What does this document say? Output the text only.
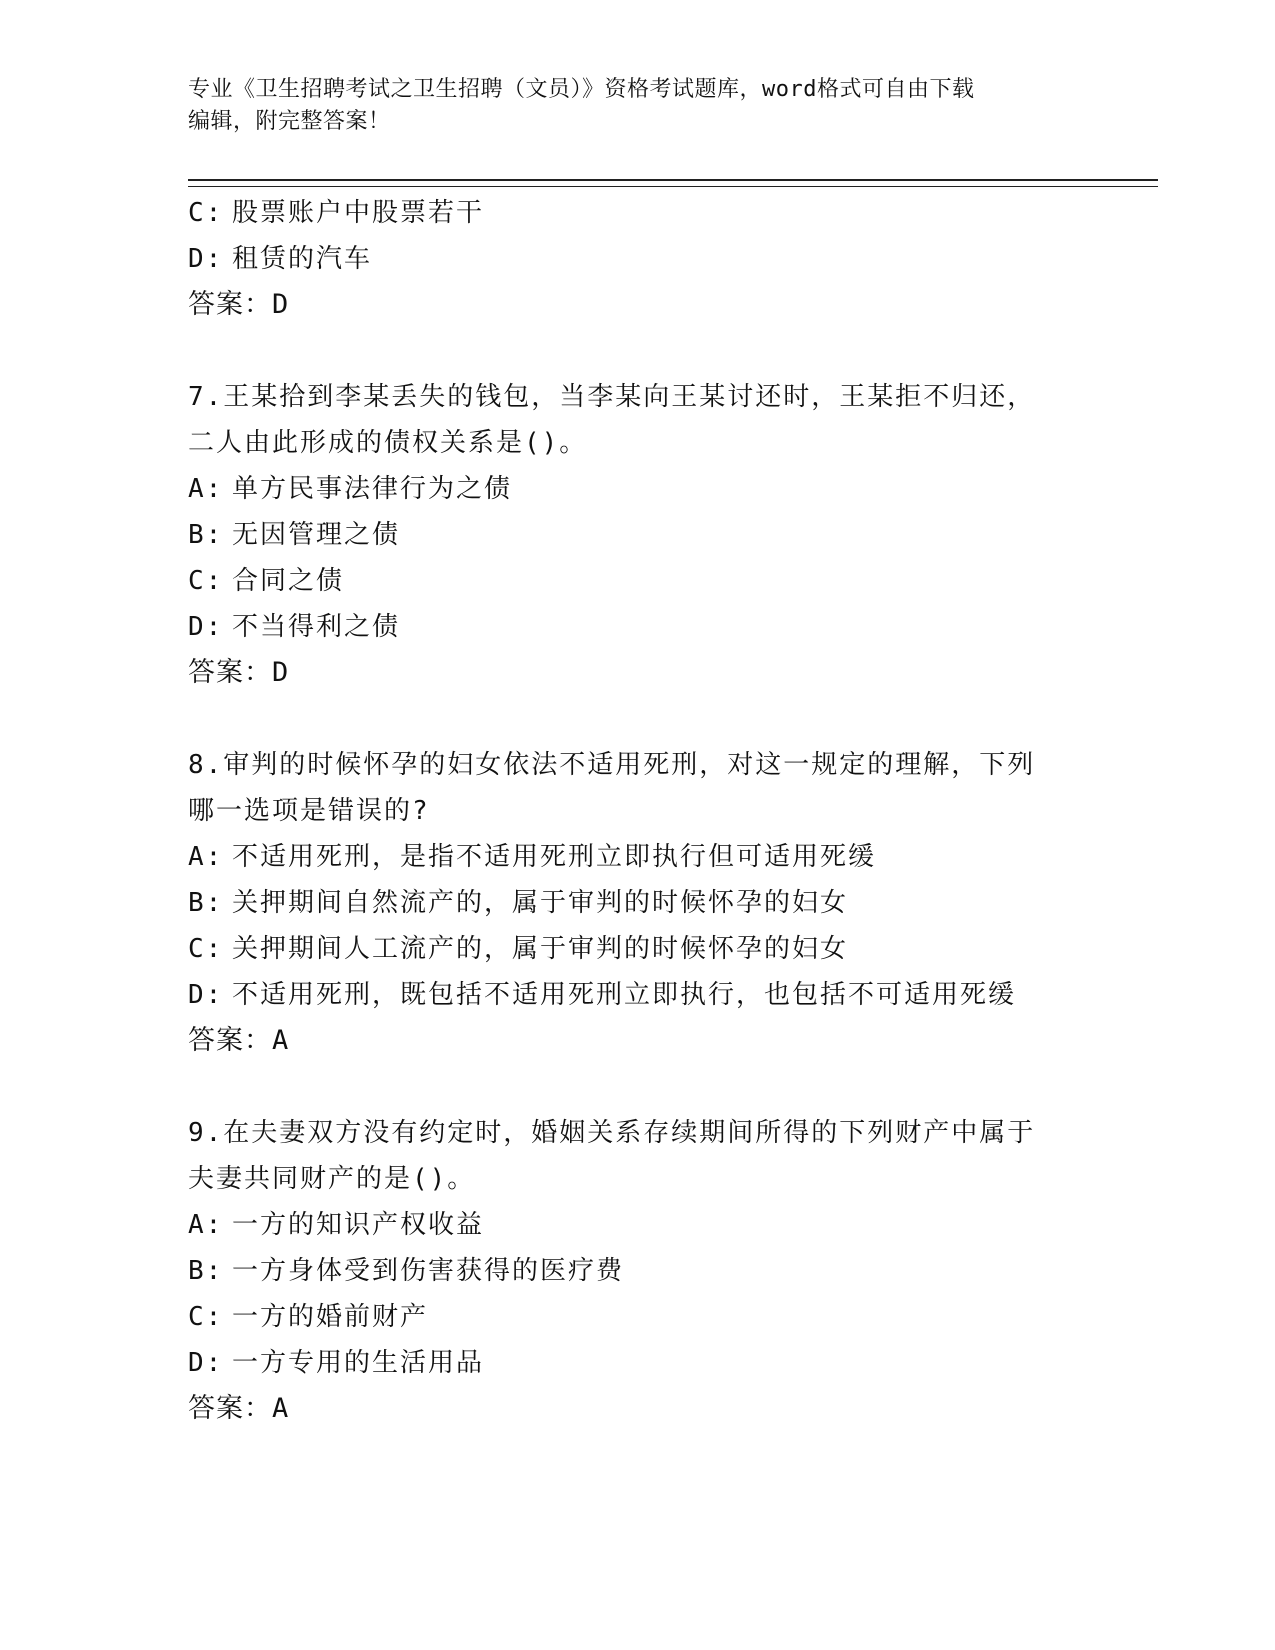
专业《卫生招聘考试之卫生招聘（文员）》资格考试题库，word格式可自由下载
编辑，附完整答案！
C: 股票账户中股票若干
D: 租赁的汽车
答案：D
7.王某拾到李某丢失的钱包，当李某向王某讨还时，王某拒不归还，
二人由此形成的债权关系是()。
A: 单方民事法律行为之债
B: 无因管理之债
C: 合同之债
D: 不当得利之债
答案：D
8.审判的时候怀孕的妇女依法不适用死刑，对这一规定的理解，下列
哪一选项是错误的?
A: 不适用死刑，是指不适用死刑立即执行但可适用死缓
B: 关押期间自然流产的，属于审判的时候怀孕的妇女
C: 关押期间人工流产的，属于审判的时候怀孕的妇女
D: 不适用死刑，既包括不适用死刑立即执行，也包括不可适用死缓
答案：A
9.在夫妻双方没有约定时，婚姻关系存续期间所得的下列财产中属于
夫妻共同财产的是()。
A: 一方的知识产权收益
B: 一方身体受到伤害获得的医疗费
C: 一方的婚前财产
D: 一方专用的生活用品
答案：A
